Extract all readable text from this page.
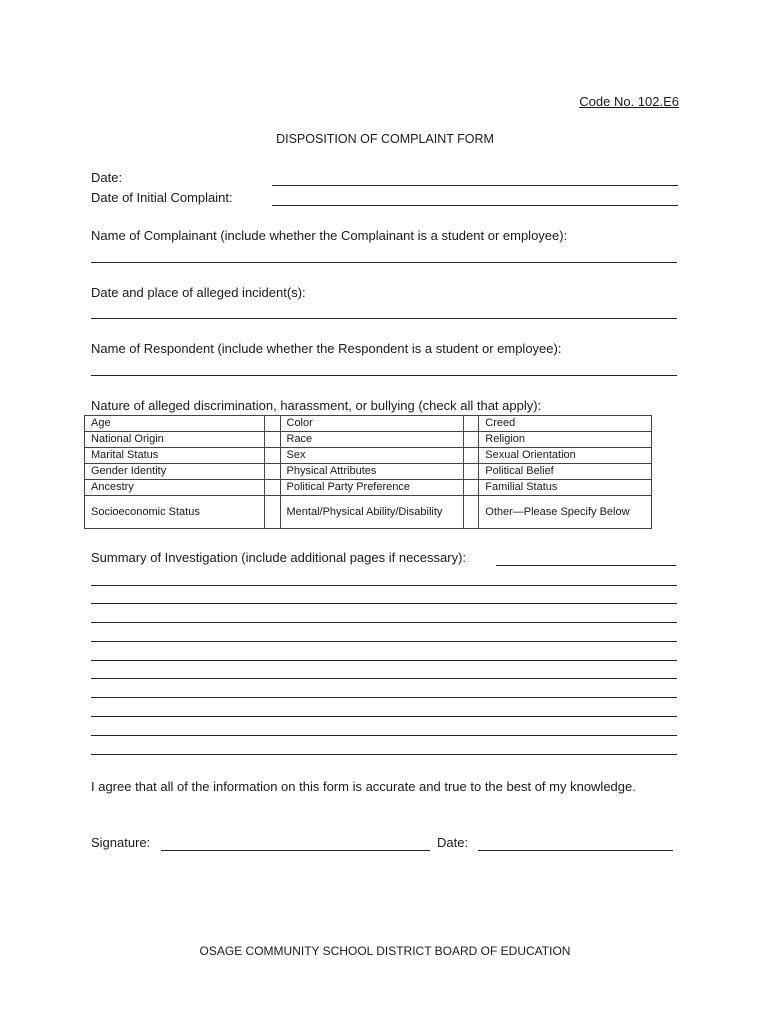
Code No. 102.E6
DISPOSITION OF COMPLAINT FORM
Date:
Date of Initial Complaint:
Name of Complainant (include whether the Complainant is a student or employee):
Date and place of alleged incident(s):
Name of Respondent (include whether the Respondent is a student or employee):
Nature of alleged discrimination, harassment, or bullying (check all that apply):
Age		Color		Creed
National Origin		Race		Religion
Marital Status		Sex		Sexual Orientation
Gender Identity		Physical Attributes		Political Belief
Ancestry		Political Party Preference		Familial Status
Socioeconomic Status		Mental/Physical Ability/Disability		Other—Please Specify Below
Summary of Investigation (include additional pages if necessary):
I agree that all of the information on this form is accurate and true to the best of my knowledge.
Signature:	Date:
OSAGE COMMUNITY SCHOOL DISTRICT BOARD OF EDUCATION
